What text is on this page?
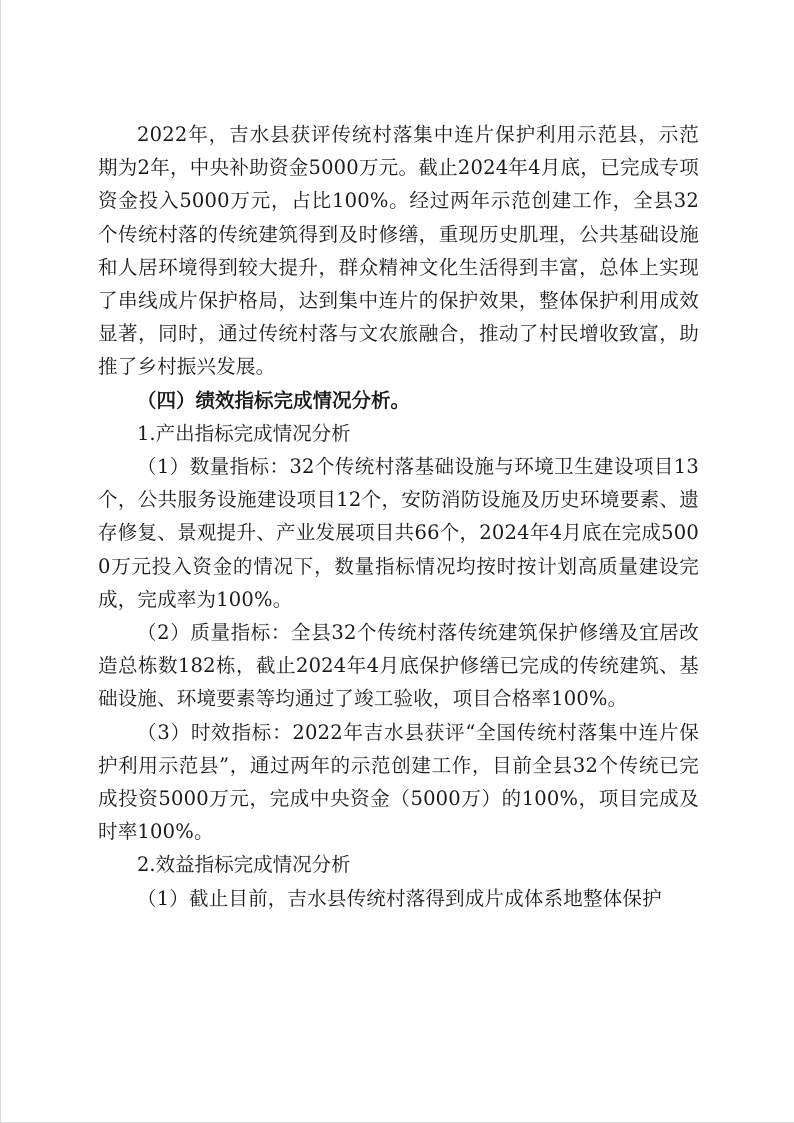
2022年，吉水县获评传统村落集中连片保护利用示范县，示范期为2年，中央补助资金5000万元。截止2024年4月底，已完成专项资金投入5000万元，占比100%。经过两年示范创建工作，全县32个传统村落的传统建筑得到及时修缮，重现历史肌理，公共基础设施和人居环境得到较大提升，群众精神文化生活得到丰富，总体上实现了串线成片保护格局，达到集中连片的保护效果，整体保护利用成效显著，同时，通过传统村落与文农旅融合，推动了村民增收致富，助推了乡村振兴发展。

（四）绩效指标完成情况分析。

1.产出指标完成情况分析

（1）数量指标：32个传统村落基础设施与环境卫生建设项目13个，公共服务设施建设项目12个，安防消防设施及历史环境要素、遗存修复、景观提升、产业发展项目共66个，2024年4月底在完成5000万元投入资金的情况下，数量指标情况均按时按计划高质量建设完成，完成率为100%。

（2）质量指标：全县32个传统村落传统建筑保护修缮及宜居改造总栋数182栋，截止2024年4月底保护修缮已完成的传统建筑、基础设施、环境要素等均通过了竣工验收，项目合格率100%。

（3）时效指标：2022年吉水县获评“全国传统村落集中连片保护利用示范县”，通过两年的示范创建工作，目前全县32个传统已完成投资5000万元，完成中央资金（5000万）的100%，项目完成及时率100%。

2.效益指标完成情况分析

（1）截止目前，吉水县传统村落得到成片成体系地整体保护
